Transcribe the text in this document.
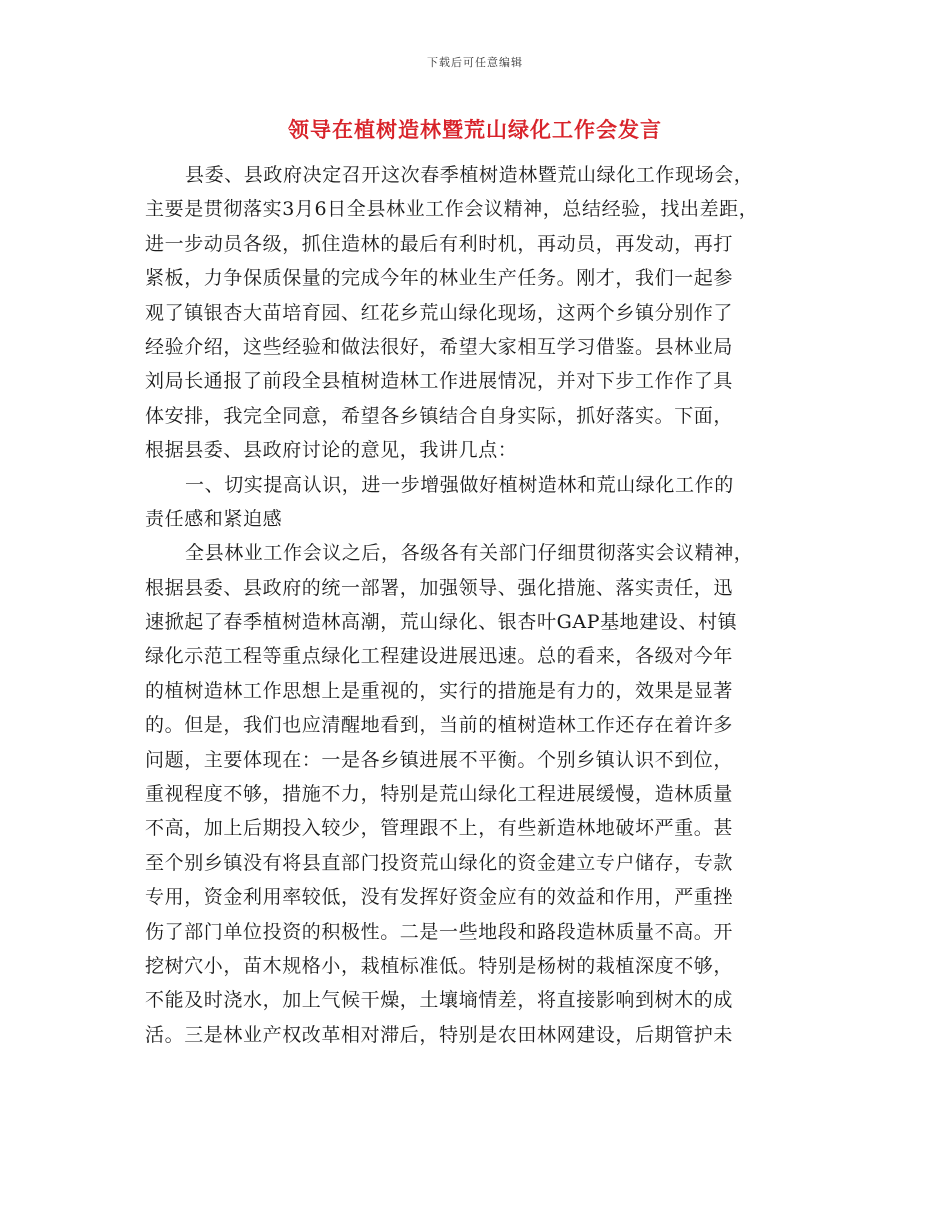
下载后可任意编辑
领导在植树造林暨荒山绿化工作会发言
县委、县政府决定召开这次春季植树造林暨荒山绿化工作现场会，
主要是贯彻落实3月6日全县林业工作会议精神，总结经验，找出差距，
进一步动员各级，抓住造林的最后有利时机，再动员，再发动，再打
紧板，力争保质保量的完成今年的林业生产任务。刚才，我们一起参
观了镇银杏大苗培育园、红花乡荒山绿化现场，这两个乡镇分别作了
经验介绍，这些经验和做法很好，希望大家相互学习借鉴。县林业局
刘局长通报了前段全县植树造林工作进展情况，并对下步工作作了具
体安排，我完全同意，希望各乡镇结合自身实际，抓好落实。下面，
根据县委、县政府讨论的意见，我讲几点：
一、切实提高认识，进一步增强做好植树造林和荒山绿化工作的
责任感和紧迫感
全县林业工作会议之后，各级各有关部门仔细贯彻落实会议精神，
根据县委、县政府的统一部署，加强领导、强化措施、落实责任，迅
速掀起了春季植树造林高潮，荒山绿化、银杏叶GAP基地建设、村镇
绿化示范工程等重点绿化工程建设进展迅速。总的看来，各级对今年
的植树造林工作思想上是重视的，实行的措施是有力的，效果是显著
的。但是，我们也应清醒地看到，当前的植树造林工作还存在着许多
问题，主要体现在：一是各乡镇进展不平衡。个别乡镇认识不到位，
重视程度不够，措施不力，特别是荒山绿化工程进展缓慢，造林质量
不高，加上后期投入较少，管理跟不上，有些新造林地破坏严重。甚
至个别乡镇没有将县直部门投资荒山绿化的资金建立专户储存，专款
专用，资金利用率较低，没有发挥好资金应有的效益和作用，严重挫
伤了部门单位投资的积极性。二是一些地段和路段造林质量不高。开
挖树穴小，苗木规格小，栽植标准低。特别是杨树的栽植深度不够，
不能及时浇水，加上气候干燥，土壤墒情差，将直接影响到树木的成
活。三是林业产权改革相对滞后，特别是农田林网建设，后期管护未
